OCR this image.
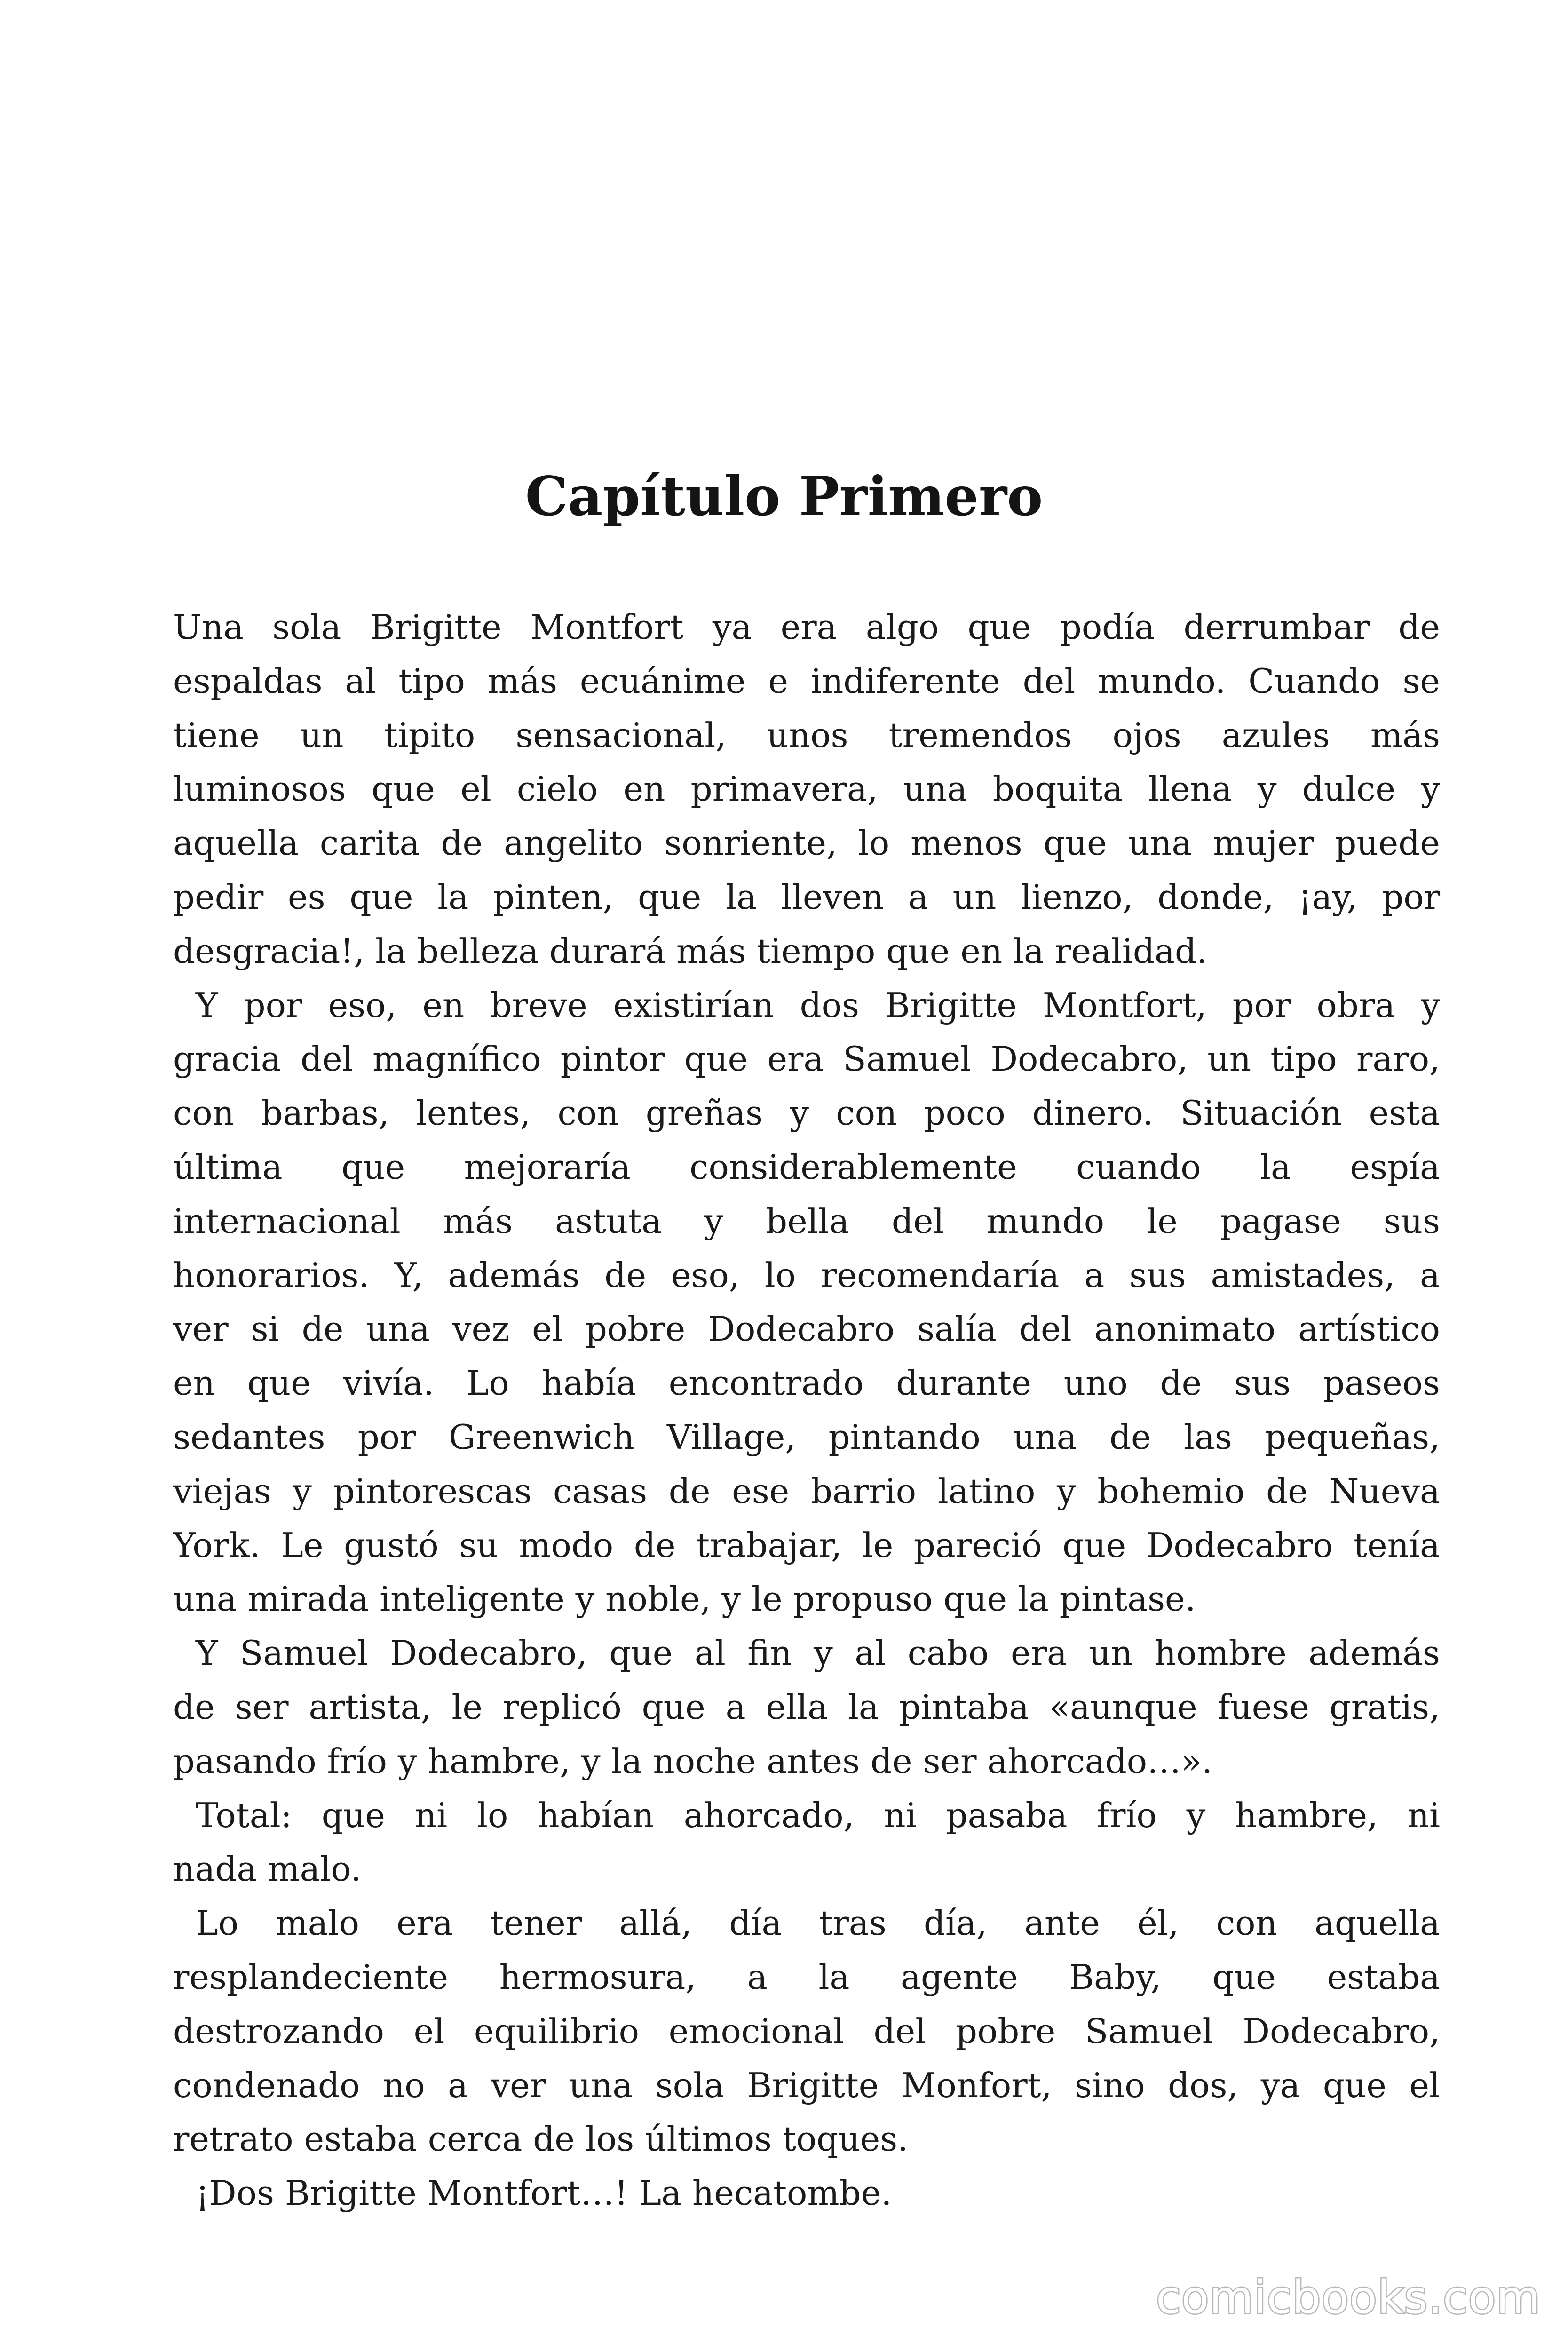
Capítulo Primero
Una sola Brigitte Montfort ya era algo que podía derrumbar de
espaldas al tipo más ecuánime e indiferente del mundo. Cuando se
tiene un tipito sensacional, unos tremendos ojos azules más
luminosos que el cielo en primavera, una boquita llena y dulce y
aquella carita de angelito sonriente, lo menos que una mujer puede
pedir es que la pinten, que la lleven a un lienzo, donde, ¡ay, por
desgracia!, la belleza durará más tiempo que en la realidad.
Y por eso, en breve existirían dos Brigitte Montfort, por obra y
gracia del magnífico pintor que era Samuel Dodecabro, un tipo raro,
con barbas, lentes, con greñas y con poco dinero. Situación esta
última que mejoraría considerablemente cuando la espía
internacional más astuta y bella del mundo le pagase sus
honorarios. Y, además de eso, lo recomendaría a sus amistades, a
ver si de una vez el pobre Dodecabro salía del anonimato artístico
en que vivía. Lo había encontrado durante uno de sus paseos
sedantes por Greenwich Village, pintando una de las pequeñas,
viejas y pintorescas casas de ese barrio latino y bohemio de Nueva
York. Le gustó su modo de trabajar, le pareció que Dodecabro tenía
una mirada inteligente y noble, y le propuso que la pintase.
Y Samuel Dodecabro, que al fin y al cabo era un hombre además
de ser artista, le replicó que a ella la pintaba «aunque fuese gratis,
pasando frío y hambre, y la noche antes de ser ahorcado…».
Total: que ni lo habían ahorcado, ni pasaba frío y hambre, ni
nada malo.
Lo malo era tener allá, día tras día, ante él, con aquella
resplandeciente hermosura, a la agente Baby, que estaba
destrozando el equilibrio emocional del pobre Samuel Dodecabro,
condenado no a ver una sola Brigitte Monfort, sino dos, ya que el
retrato estaba cerca de los últimos toques.
¡Dos Brigitte Montfort…! La hecatombe.
comicbooks.com
